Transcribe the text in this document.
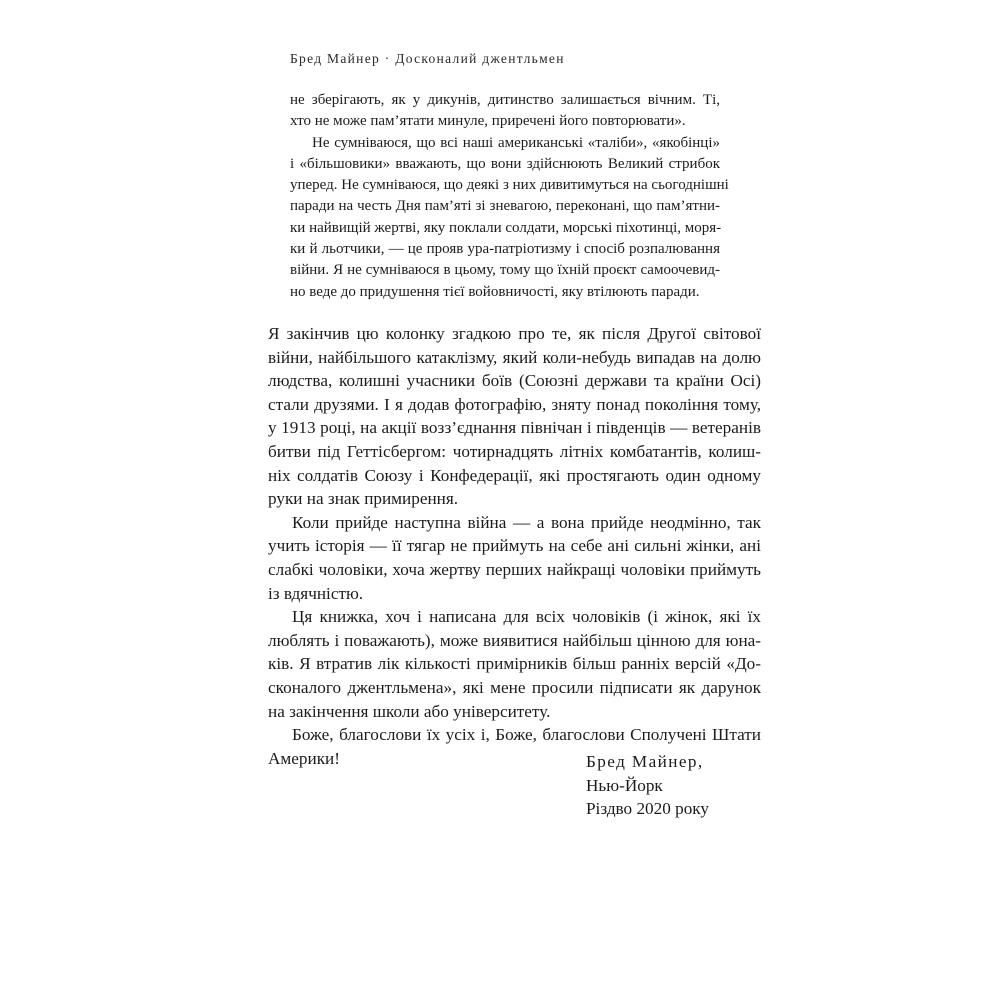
Бред Майнер · Досконалий джентльмен
не зберігають, як у дикунів, дитинство залишається вічним. Ті,
хто не може пам’ятати минуле, приречені його повторювати».
Не сумніваюся, що всі наші американські «таліби», «якобінці»
і «більшовики» вважають, що вони здійснюють Великий стрибок
уперед. Не сумніваюся, що деякі з них дивитимуться на сьогоднішні
паради на честь Дня пам’яті зі зневагою, переконані, що пам’ятни-
ки найвищій жертві, яку поклали солдати, морські піхотинці, моря-
ки й льотчики, — це прояв ура-патріотизму і спосіб розпалювання
війни. Я не сумніваюся в цьому, тому що їхній проєкт самоочевид-
но веде до придушення тієї войовничості, яку втілюють паради.
Я закінчив цю колонку згадкою про те, як після Другої світової
війни, найбільшого катаклізму, який коли-небудь випадав на долю
людства, колишні учасники боїв (Союзні держави та країни Осі)
стали друзями. І я додав фотографію, зняту понад покоління тому,
у 1913 році, на акції возз’єднання північан і південців — ветеранів
битви під Геттісбергом: чотирнадцять літніх комбатантів, колиш-
ніх солдатів Союзу і Конфедерації, які простягають один одному
руки на знак примирення.
Коли прийде наступна війна — а вона прийде неодмінно, так
учить історія — її тягар не приймуть на себе ані сильні жінки, ані
слабкі чоловіки, хоча жертву перших найкращі чоловіки приймуть
із вдячністю.
Ця книжка, хоч і написана для всіх чоловіків (і жінок, які їх
люблять і поважають), може виявитися найбільш цінною для юна-
ків. Я втратив лік кількості примірників більш ранніх версій «До-
сконалого джентльмена», які мене просили підписати як дарунок
на закінчення школи або університету.
Боже, благослови їх усіх і, Боже, благослови Сполучені Штати
Америки!	Бред Майнер,
Нью-Йорк
Різдво 2020 року
